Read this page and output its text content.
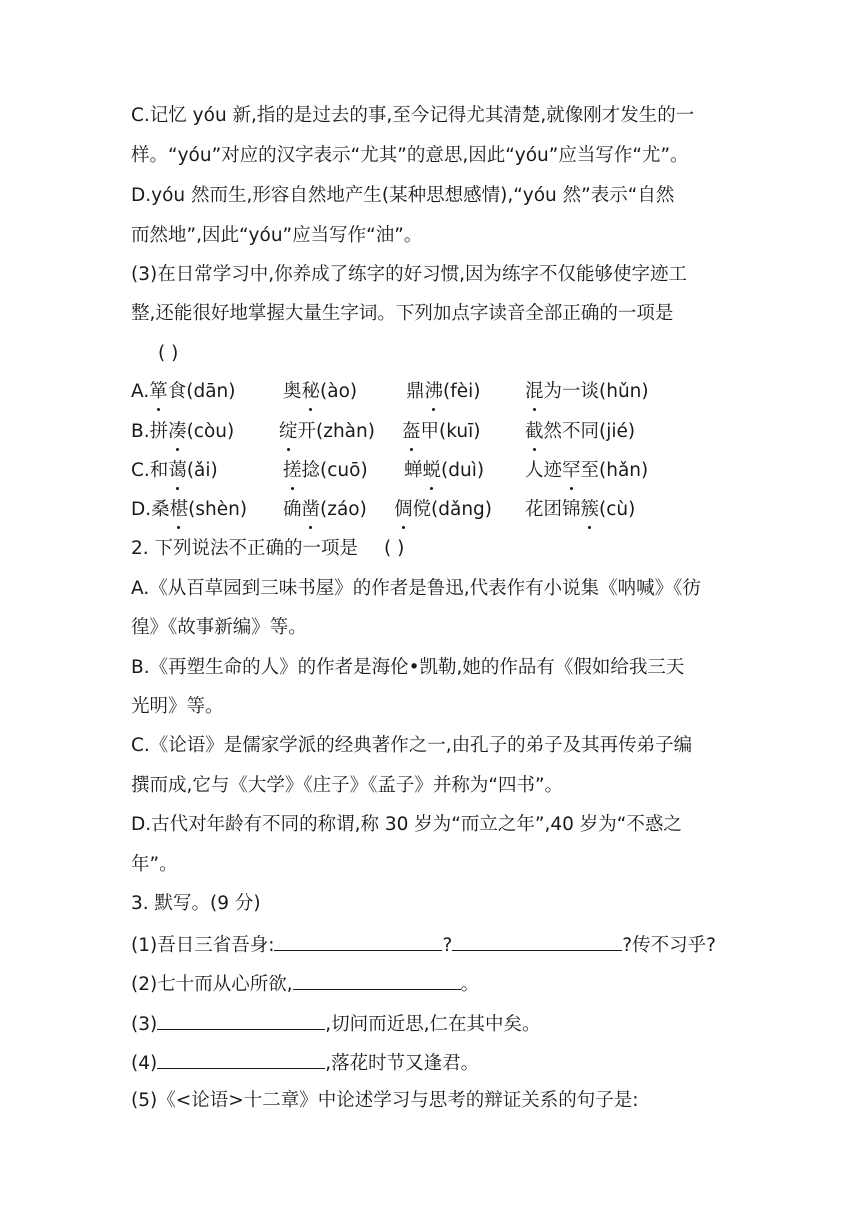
C.记忆 yóu 新,指的是过去的事,至今记得尤其清楚,就像刚才发生的一
样。“yóu”对应的汉字表示“尤其”的意思,因此“yóu”应当写作“尤”。
D.yóu 然而生,形容自然地产生(某种思想感情),“yóu 然”表示“自然
而然地”,因此“yóu”应当写作“油”。
(3)在日常学习中,你养成了练字的好习惯,因为练字不仅能够使字迹工
整,还能很好地掌握大量生字词。下列加点字读音全部正确的一项是
( )
A.箪食(dān)	奥秘(ào)	鼎沸(fèi) 混为一谈(hǔn)
B.拼凑(còu) 绽开(zhàn) 盔甲(kuī) 截然不同(jié)
C.和蔼(ǎi)	搓捻(cuō) 蝉蜕(duì) 人迹罕至(hǎn)
D.桑椹(shèn) 确凿(záo) 倜傥(dǎng) 花团锦簇(cù)
2. 下列说法不正确的一项是 ( )
A.《从百草园到三味书屋》的作者是鲁迅,代表作有小说集《呐喊》《彷
徨》《故事新编》等。
B.《再塑生命的人》的作者是海伦•凯勒,她的作品有《假如给我三天
光明》等。
C.《论语》是儒家学派的经典著作之一,由孔子的弟子及其再传弟子编
撰而成,它与《大学》《庄子》《孟子》并称为“四书”。
D.古代对年龄有不同的称谓,称 30 岁为“而立之年”,40 岁为“不惑之
年”。
3. 默写。(9 分)
(1)吾日三省吾身:	?	?传不习乎?
(2)七十而从心所欲,	。
(3)	,切问而近思,仁在其中矣。
(4)	,落花时节又逢君。
(5)《<论语>十二章》中论述学习与思考的辩证关系的句子是:
